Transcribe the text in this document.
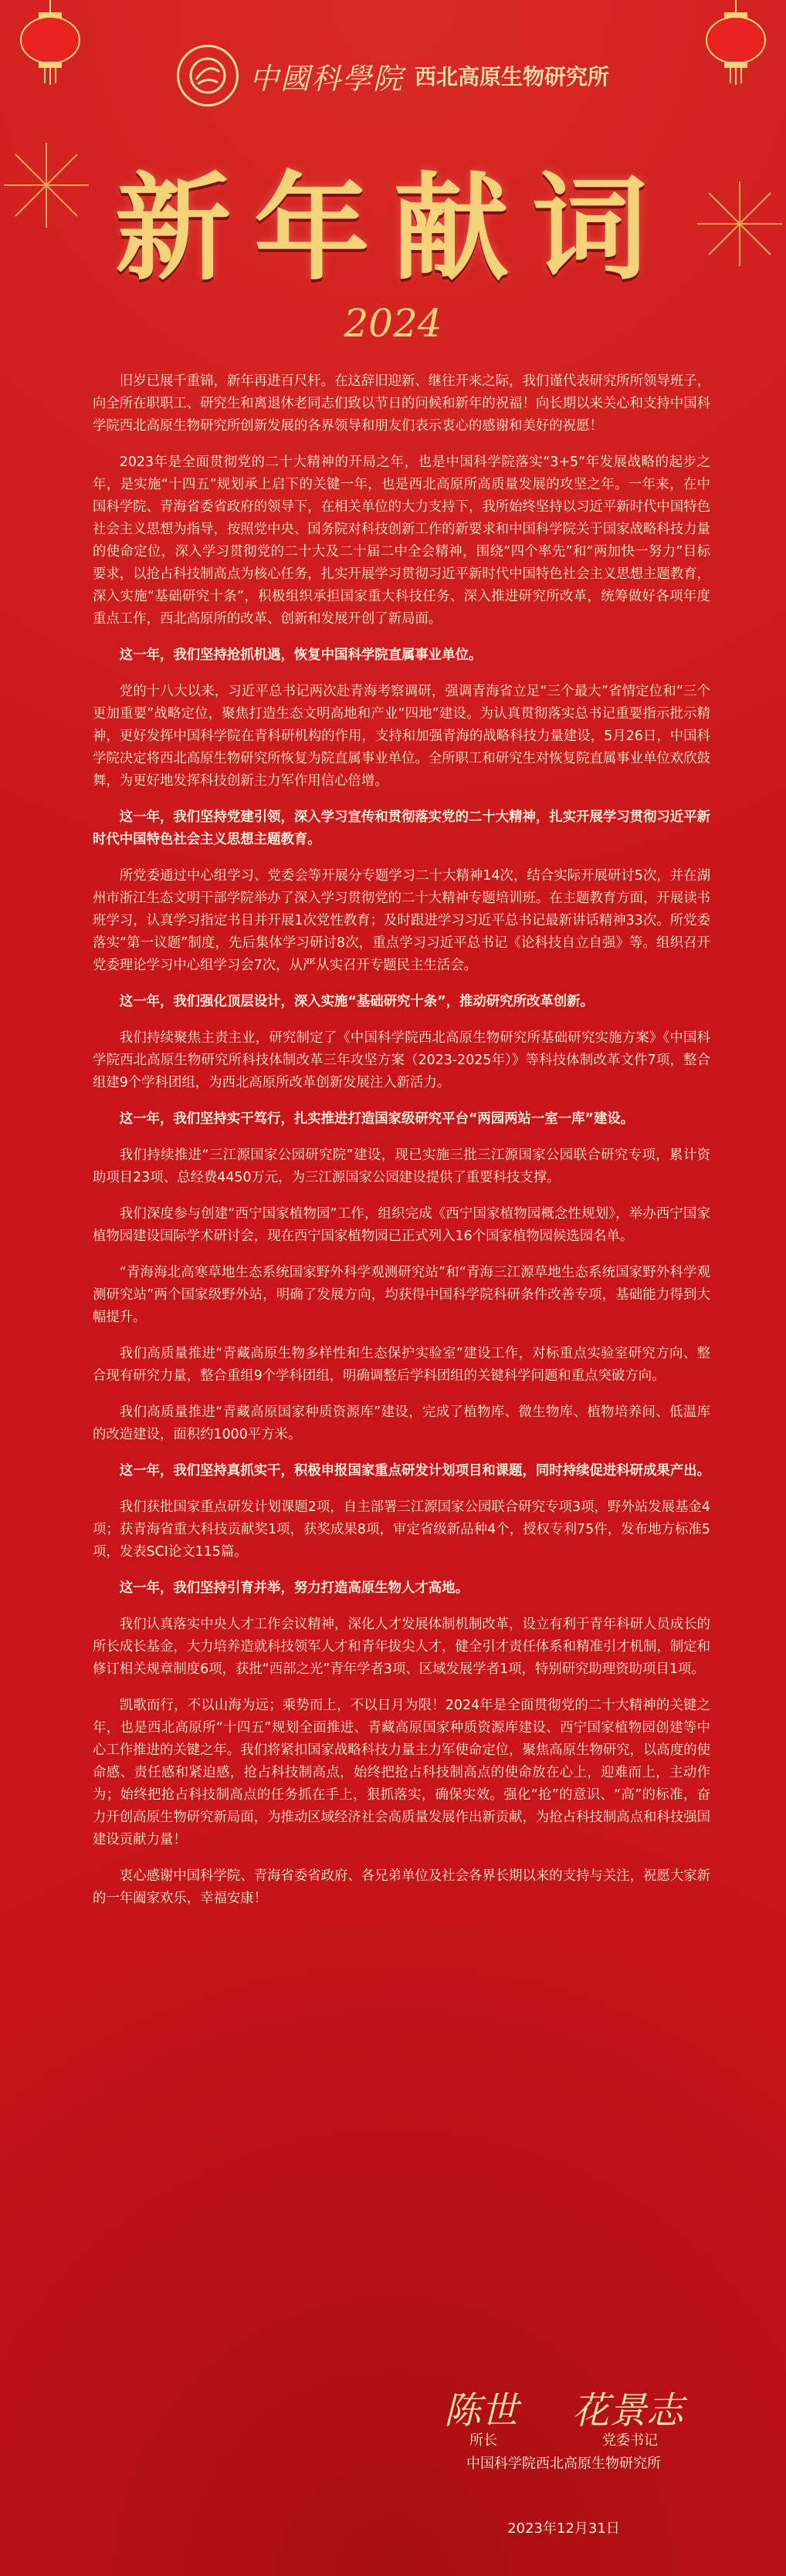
中國科學院 西北高原生物研究所
新年献词
2024

旧岁已展千重锦，新年再进百尺杆。在这辞旧迎新、继往开来之际，我们谨代表研究所所领导班子，向全所在职职工、研究生和离退休老同志们致以节日的问候和新年的祝福！向长期以来关心和支持中国科学院西北高原生物研究所创新发展的各界领导和朋友们表示衷心的感谢和美好的祝愿！

2023年是全面贯彻党的二十大精神的开局之年，也是中国科学院落实“3+5”年发展战略的起步之年，是实施“十四五”规划承上启下的关键一年，也是西北高原所高质量发展的攻坚之年。一年来，在中国科学院、青海省委省政府的领导下，在相关单位的大力支持下，我所始终坚持以习近平新时代中国特色社会主义思想为指导，按照党中央、国务院对科技创新工作的新要求和中国科学院关于国家战略科技力量的使命定位，深入学习贯彻党的二十大及二十届二中全会精神，围绕“四个率先”和“两加快一努力”目标要求，以抢占科技制高点为核心任务，扎实开展学习贯彻习近平新时代中国特色社会主义思想主题教育，深入实施“基础研究十条”，积极组织承担国家重大科技任务、深入推进研究所改革，统筹做好各项年度重点工作，西北高原所的改革、创新和发展开创了新局面。

这一年，我们坚持抢抓机遇，恢复中国科学院直属事业单位。

党的十八大以来，习近平总书记两次赴青海考察调研，强调青海省立足“三个最大”省情定位和“三个更加重要”战略定位，聚焦打造生态文明高地和产业“四地”建设。为认真贯彻落实总书记重要指示批示精神，更好发挥中国科学院在青科研机构的作用，支持和加强青海的战略科技力量建设，5月26日，中国科学院决定将西北高原生物研究所恢复为院直属事业单位。全所职工和研究生对恢复院直属事业单位欢欣鼓舞，为更好地发挥科技创新主力军作用信心倍增。

这一年，我们坚持党建引领，深入学习宣传和贯彻落实党的二十大精神，扎实开展学习贯彻习近平新时代中国特色社会主义思想主题教育。

所党委通过中心组学习、党委会等开展分专题学习二十大精神14次，结合实际开展研讨5次，并在湖州市浙江生态文明干部学院举办了深入学习贯彻党的二十大精神专题培训班。在主题教育方面，开展读书班学习，认真学习指定书目并开展1次党性教育；及时跟进学习习近平总书记最新讲话精神33次。所党委落实“第一议题”制度，先后集体学习研讨8次，重点学习习近平总书记《论科技自立自强》等。组织召开党委理论学习中心组学习会7次，从严从实召开专题民主生活会。

这一年，我们强化顶层设计，深入实施“基础研究十条”，推动研究所改革创新。

我们持续聚焦主责主业，研究制定了《中国科学院西北高原生物研究所基础研究实施方案》《中国科学院西北高原生物研究所科技体制改革三年攻坚方案（2023-2025年）》等科技体制改革文件7项，整合组建9个学科团组，为西北高原所改革创新发展注入新活力。

这一年，我们坚持实干笃行，扎实推进打造国家级研究平台“两园两站一室一库”建设。

我们持续推进“三江源国家公园研究院”建设，现已实施三批三江源国家公园联合研究专项，累计资助项目23项、总经费4450万元，为三江源国家公园建设提供了重要科技支撑。

我们深度参与创建“西宁国家植物园”工作，组织完成《西宁国家植物园概念性规划》，举办西宁国家植物园建设国际学术研讨会，现在西宁国家植物园已正式列入16个国家植物园候选园名单。

“青海海北高寒草地生态系统国家野外科学观测研究站”和“青海三江源草地生态系统国家野外科学观测研究站”两个国家级野外站，明确了发展方向，均获得中国科学院科研条件改善专项，基础能力得到大幅提升。

我们高质量推进“青藏高原生物多样性和生态保护实验室”建设工作，对标重点实验室研究方向、整合现有研究力量，整合重组9个学科团组，明确调整后学科团组的关键科学问题和重点突破方向。

我们高质量推进“青藏高原国家种质资源库”建设，完成了植物库、微生物库、植物培养间、低温库的改造建设，面积约1000平方米。

这一年，我们坚持真抓实干，积极申报国家重点研发计划项目和课题，同时持续促进科研成果产出。

我们获批国家重点研发计划课题2项，自主部署三江源国家公园联合研究专项3项，野外站发展基金4项；获青海省重大科技贡献奖1项，获奖成果8项，审定省级新品种4个，授权专利75件，发布地方标准5项，发表SCI论文115篇。

这一年，我们坚持引育并举，努力打造高原生物人才高地。

我们认真落实中央人才工作会议精神，深化人才发展体制机制改革，设立有利于青年科研人员成长的所长成长基金，大力培养造就科技领军人才和青年拔尖人才，健全引才责任体系和精准引才机制，制定和修订相关规章制度6项，获批“西部之光”青年学者3项、区域发展学者1项，特别研究助理资助项目1项。

凯歌而行，不以山海为远；乘势而上，不以日月为限！2024年是全面贯彻党的二十大精神的关键之年，也是西北高原所“十四五”规划全面推进、青藏高原国家种质资源库建设、西宁国家植物园创建等中心工作推进的关键之年。我们将紧扣国家战略科技力量主力军使命定位，聚焦高原生物研究，以高度的使命感、责任感和紧迫感，抢占科技制高点，始终把抢占科技制高点的使命放在心上，迎难而上，主动作为；始终把抢占科技制高点的任务抓在手上，狠抓落实，确保实效。强化“抢”的意识、“高”的标准，奋力开创高原生物研究新局面，为推动区域经济社会高质量发展作出新贡献，为抢占科技制高点和科技强国建设贡献力量！

衷心感谢中国科学院、青海省委省政府、各兄弟单位及社会各界长期以来的支持与关注，祝愿大家新的一年阖家欢乐，幸福安康！

陈世 花景志
所长	党委书记
中国科学院西北高原生物研究所
2023年12月31日
